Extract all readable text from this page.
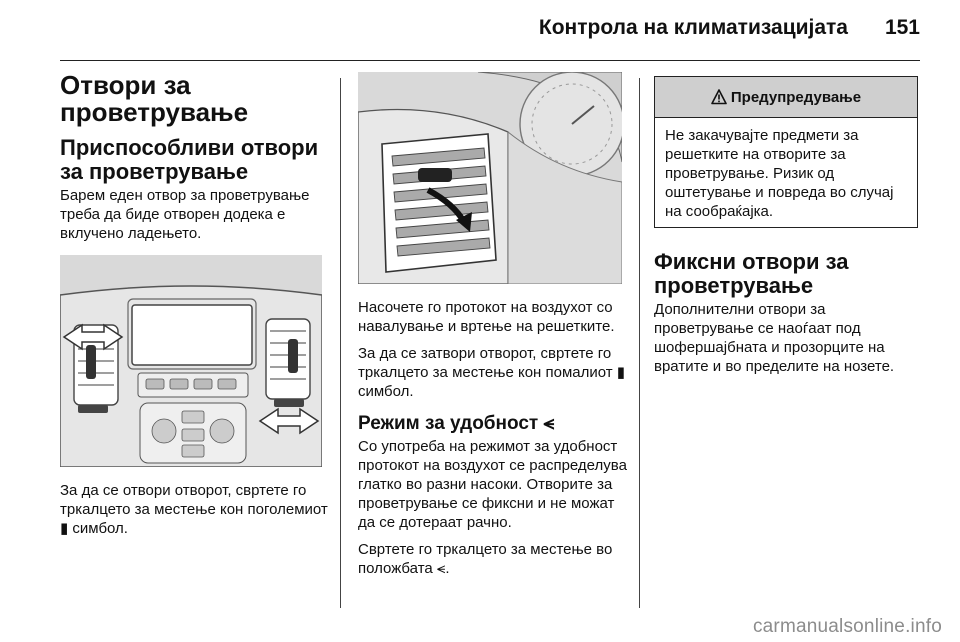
Контрола на климатизацијата 151
Отвори за проветрување
Приспособливи отвори за проветрување

Барем еден отвор за проветрување треба да биде отворен додека е вклучено ладењето.

За да се отвори отворот, свртете го тркалцето за местење кон поголемиот ▮ симбол.

Насочете го протокот на воздухот со навалување и вртење на решетките.

За да се затвори отворот, свртете го тркалцето за местење кон помалиот ▮ симбол.

Режим за удобност ⪪

Со употреба на режимот за удобност протокот на воздухот се распределува глатко во разни насоки. Отворите за проветрување се фиксни и не можат да се дотераат рачно.

Свртете го тркалцето за местење во положбата ⪪.

Предупредување
Не закачувајте предмети за решетките на отворите за проветрување. Ризик од оштетување и повреда во случај на сообраќајка.
Фиксни отвори за проветрување

Дополнителни отвори за проветрување се наоѓаат под шофершајбната и прозорците на вратите и во пределите на нозете.

carmanualsonline.info
